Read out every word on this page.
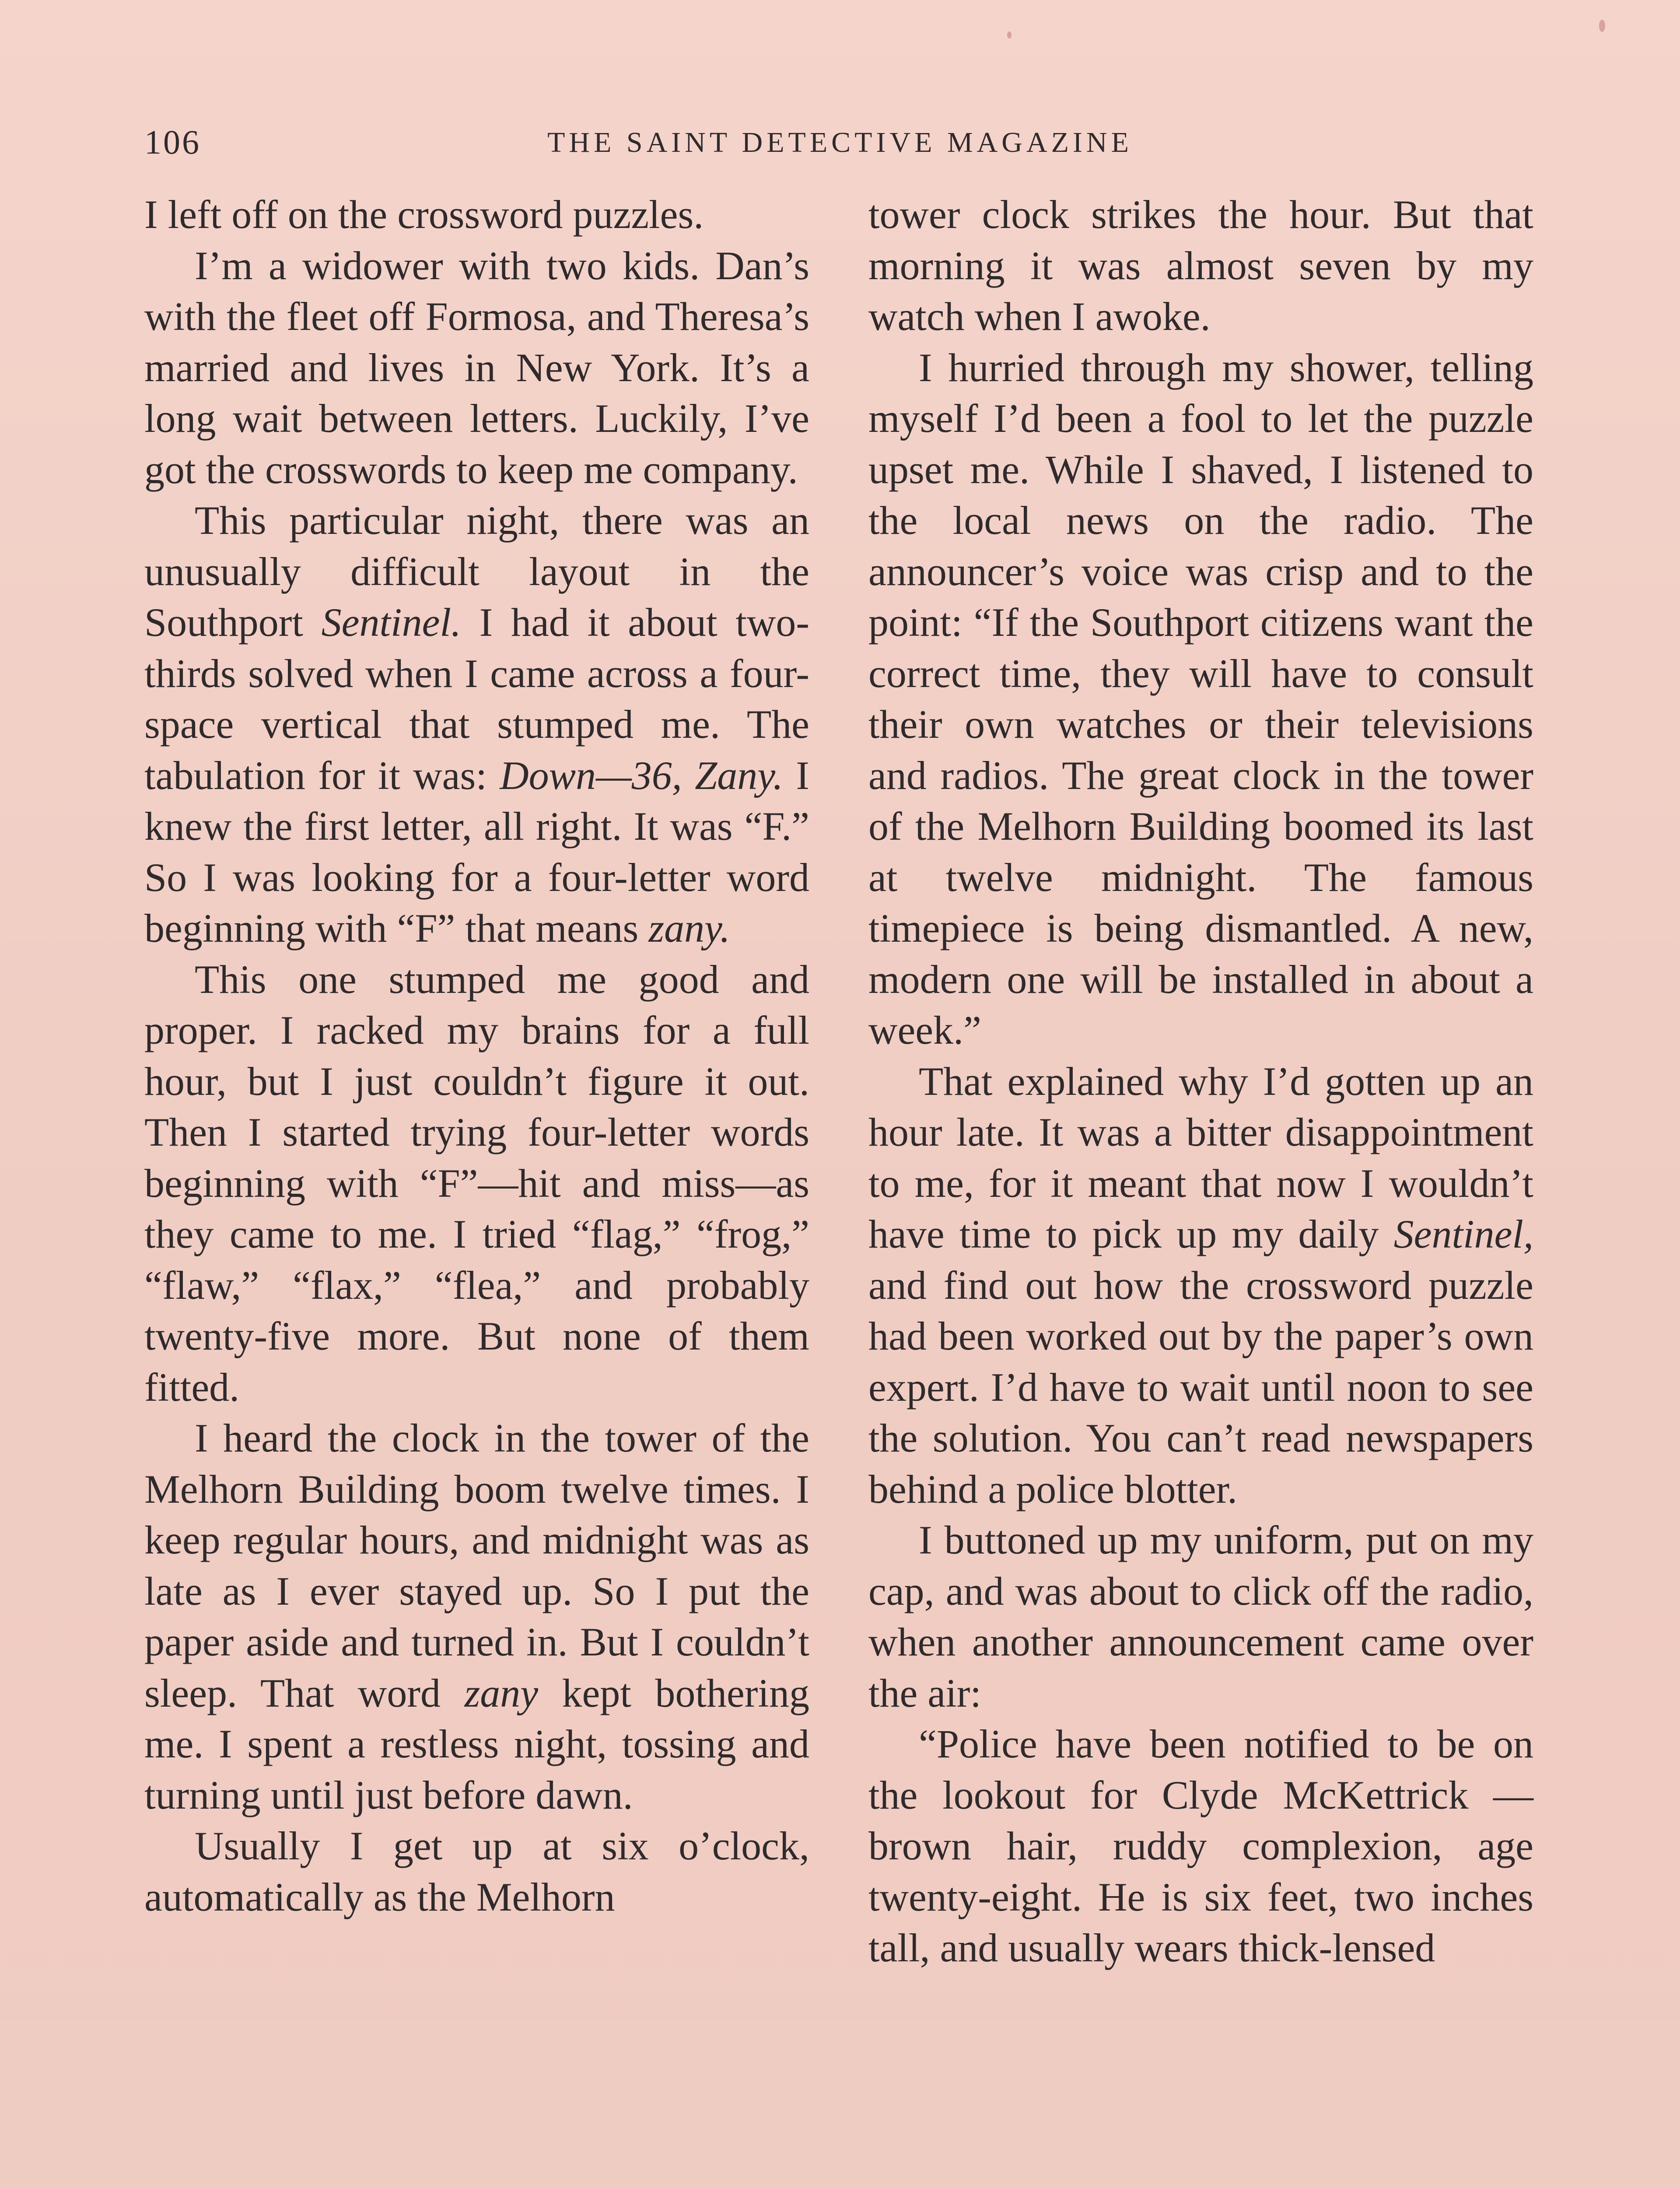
106	THE SAINT DETECTIVE MAGAZINE

I left off on the crossword puzzles.

I’m a widower with two kids. Dan’s with the fleet off Formosa, and Theresa’s married and lives in New York. It’s a long wait between letters. Luckily, I’ve got the crosswords to keep me company.

This particular night, there was an unusually difficult layout in the Southport Sentinel. I had it about two-thirds solved when I came across a four-space vertical that stumped me. The tabulation for it was: Down—36, Zany. I knew the first letter, all right. It was “F.” So I was looking for a four-letter word beginning with “F” that means zany.

This one stumped me good and proper. I racked my brains for a full hour, but I just couldn’t figure it out. Then I started trying four-letter words beginning with “F”—hit and miss—as they came to me. I tried “flag,” “frog,” “flaw,” “flax,” “flea,” and probably twenty-five more. But none of them fitted.

I heard the clock in the tower of the Melhorn Building boom twelve times. I keep regular hours, and midnight was as late as I ever stayed up. So I put the paper aside and turned in. But I couldn’t sleep. That word zany kept bothering me. I spent a restless night, tossing and turning until just before dawn.

Usually I get up at six o’clock, automatically as the Melhorn

tower clock strikes the hour. But that morning it was almost seven by my watch when I awoke.

I hurried through my shower, telling myself I’d been a fool to let the puzzle upset me. While I shaved, I listened to the local news on the radio. The announcer’s voice was crisp and to the point: “If the Southport citizens want the correct time, they will have to consult their own watches or their televisions and radios. The great clock in the tower of the Melhorn Building boomed its last at twelve midnight. The famous timepiece is being dismantled. A new, modern one will be installed in about a week.”

That explained why I’d gotten up an hour late. It was a bitter disappointment to me, for it meant that now I wouldn’t have time to pick up my daily Sentinel, and find out how the crossword puzzle had been worked out by the paper’s own expert. I’d have to wait until noon to see the solution. You can’t read newspapers behind a police blotter.

I buttoned up my uniform, put on my cap, and was about to click off the radio, when another announcement came over the air:

“Police have been notified to be on the lookout for Clyde McKettrick — brown hair, ruddy complexion, age twenty-eight. He is six feet, two inches tall, and usually wears thick-lensed
